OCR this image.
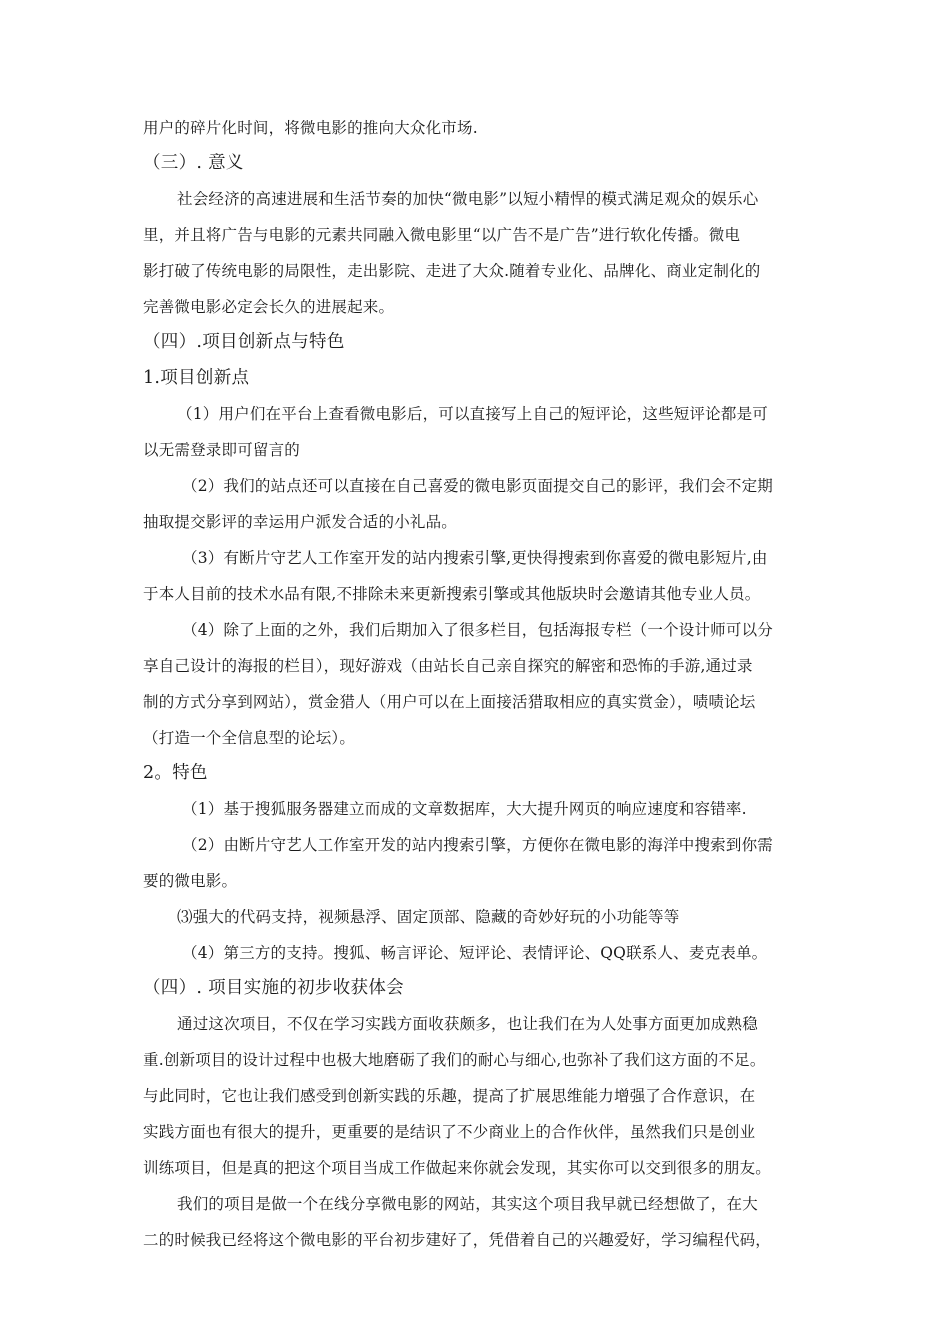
用户的碎片化时间，将微电影的推向大众化市场.
（三）. 意义
社会经济的高速进展和生活节奏的加快“微电影”以短小精悍的模式满足观众的娱乐心
里，并且将广告与电影的元素共同融入微电影里“以广告不是广告”进行软化传播。微电
影打破了传统电影的局限性，走出影院、走进了大众.随着专业化、品牌化、商业定制化的
完善微电影必定会长久的进展起来。
（四）.项目创新点与特色
1.项目创新点
（1）用户们在平台上查看微电影后，可以直接写上自己的短评论，这些短评论都是可
以无需登录即可留言的
（2）我们的站点还可以直接在自己喜爱的微电影页面提交自己的影评，我们会不定期
抽取提交影评的幸运用户派发合适的小礼品。
（3）有断片守艺人工作室开发的站内搜索引擎,更快得搜索到你喜爱的微电影短片,由
于本人目前的技术水品有限,不排除未来更新搜索引擎或其他版块时会邀请其他专业人员。
（4）除了上面的之外，我们后期加入了很多栏目，包括海报专栏（一个设计师可以分
享自己设计的海报的栏目），现好游戏（由站长自己亲自探究的解密和恐怖的手游,通过录
制的方式分享到网站），赏金猎人（用户可以在上面接活猎取相应的真实赏金），啧啧论坛
（打造一个全信息型的论坛）。
2。特色
（1）基于搜狐服务器建立而成的文章数据库，大大提升网页的响应速度和容错率.
（2）由断片守艺人工作室开发的站内搜索引擎，方便你在微电影的海洋中搜索到你需
要的微电影。
⑶强大的代码支持，视频悬浮、固定顶部、隐藏的奇妙好玩的小功能等等
（4）第三方的支持。搜狐、畅言评论、短评论、表情评论、QQ联系人、麦克表单。
（四）. 项目实施的初步收获体会
通过这次项目，不仅在学习实践方面收获颇多，也让我们在为人处事方面更加成熟稳
重.创新项目的设计过程中也极大地磨砺了我们的耐心与细心,也弥补了我们这方面的不足。
与此同时，它也让我们感受到创新实践的乐趣，提高了扩展思维能力增强了合作意识，在
实践方面也有很大的提升，更重要的是结识了不少商业上的合作伙伴，虽然我们只是创业
训练项目，但是真的把这个项目当成工作做起来你就会发现，其实你可以交到很多的朋友。
我们的项目是做一个在线分享微电影的网站，其实这个项目我早就已经想做了，在大
二的时候我已经将这个微电影的平台初步建好了，凭借着自己的兴趣爱好，学习编程代码，
